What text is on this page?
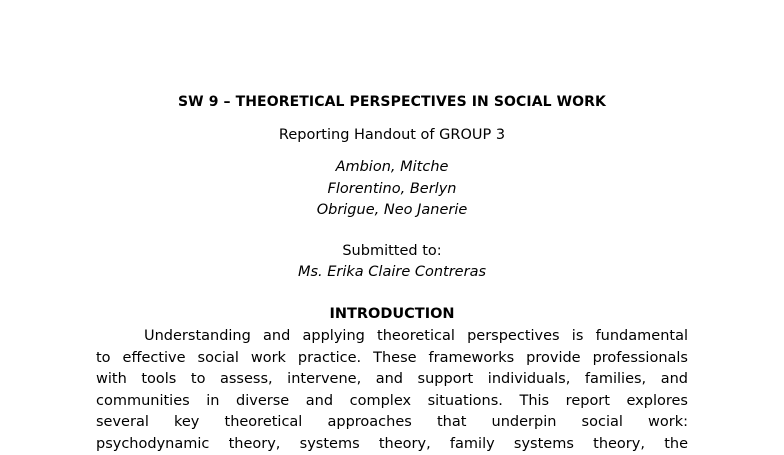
SW 9 – THEORETICAL PERSPECTIVES IN SOCIAL WORK
Reporting Handout of GROUP 3
Ambion, Mitche
Florentino, Berlyn
Obrigue, Neo Janerie
Submitted to:
Ms. Erika Claire Contreras
INTRODUCTION
Understanding and applying theoretical perspectives is fundamental
to effective social work practice. These frameworks provide professionals
with tools to assess, intervene, and support individuals, families, and
communities in diverse and complex situations. This report explores
several key theoretical approaches that underpin social work:
psychodynamic theory, systems theory, family systems theory, the
